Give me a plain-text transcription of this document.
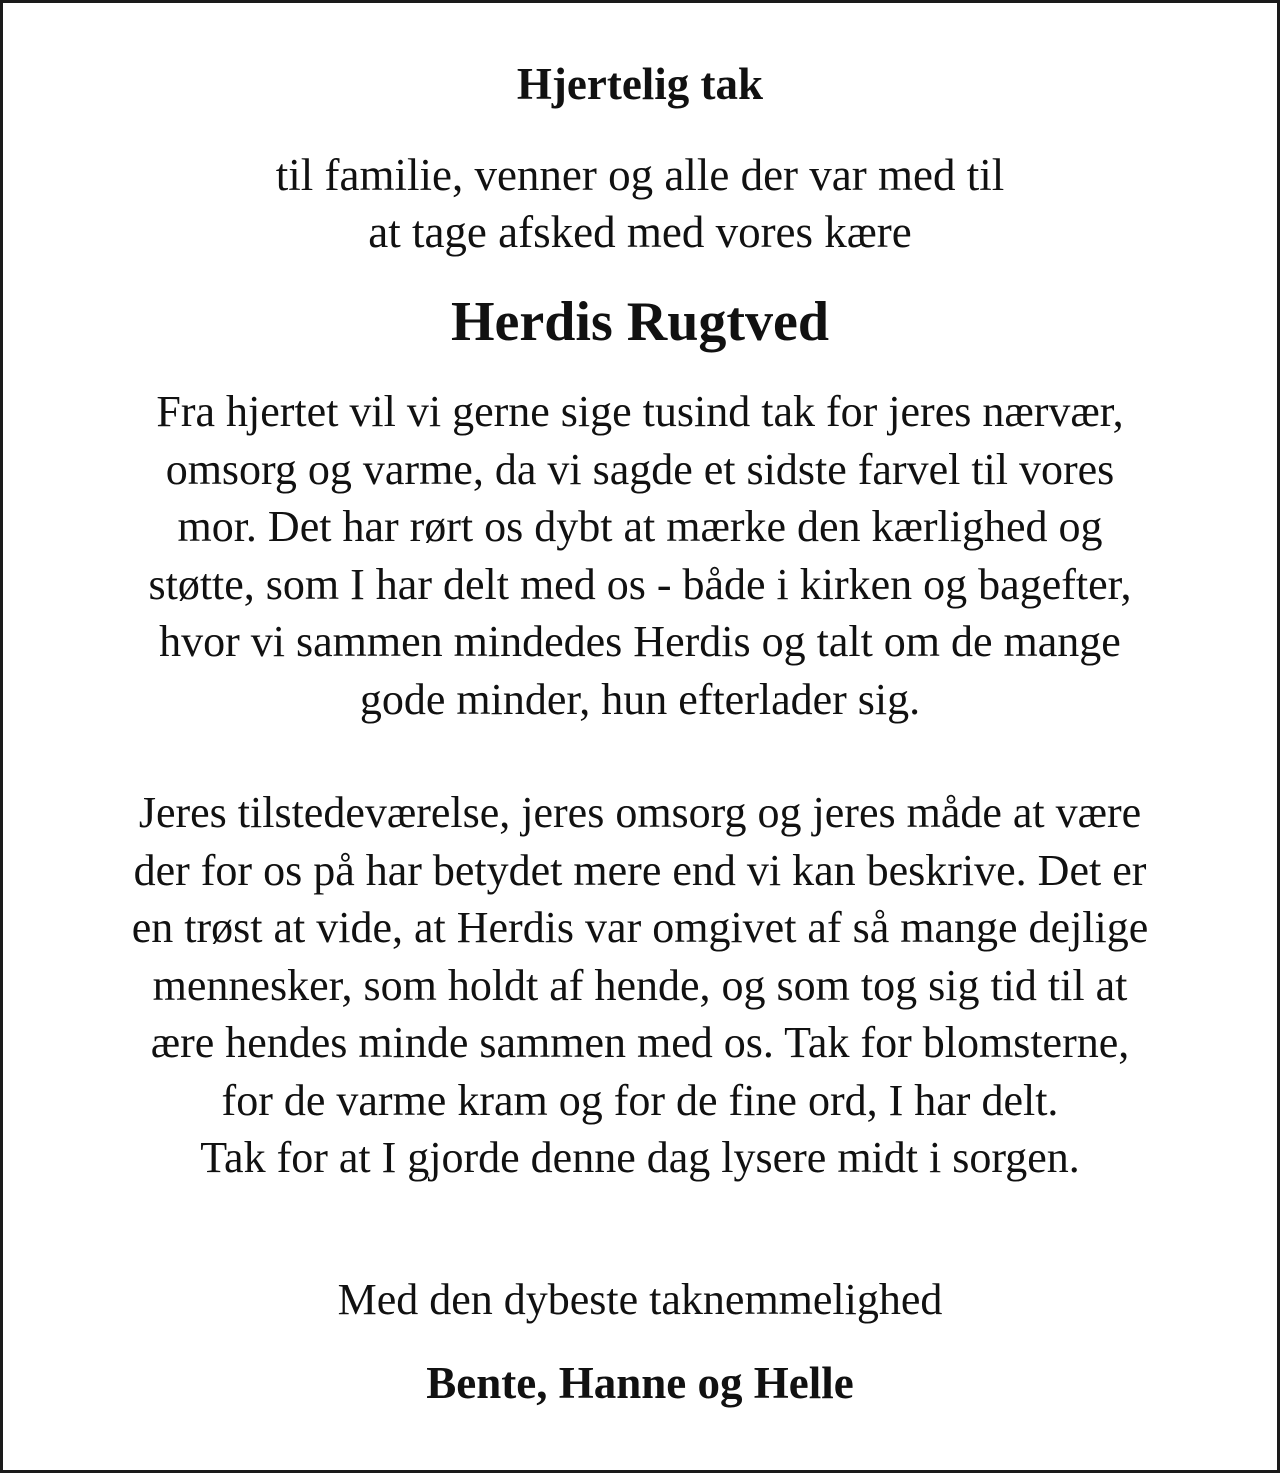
Hjertelig tak
til familie, venner og alle der var med til
at tage afsked med vores kære
Herdis Rugtved
Fra hjertet vil vi gerne sige tusind tak for jeres nærvær,
omsorg og varme, da vi sagde et sidste farvel til vores
mor. Det har rørt os dybt at mærke den kærlighed og
støtte, som I har delt med os - både i kirken og bagefter,
hvor vi sammen mindedes Herdis og talt om de mange
gode minder, hun efterlader sig.
Jeres tilstedeværelse, jeres omsorg og jeres måde at være
der for os på har betydet mere end vi kan beskrive. Det er
en trøst at vide, at Herdis var omgivet af så mange dejlige
mennesker, som holdt af hende, og som tog sig tid til at
ære hendes minde sammen med os. Tak for blomsterne,
for de varme kram og for de fine ord, I har delt.
Tak for at I gjorde denne dag lysere midt i sorgen.
Med den dybeste taknemmelighed
Bente, Hanne og Helle
